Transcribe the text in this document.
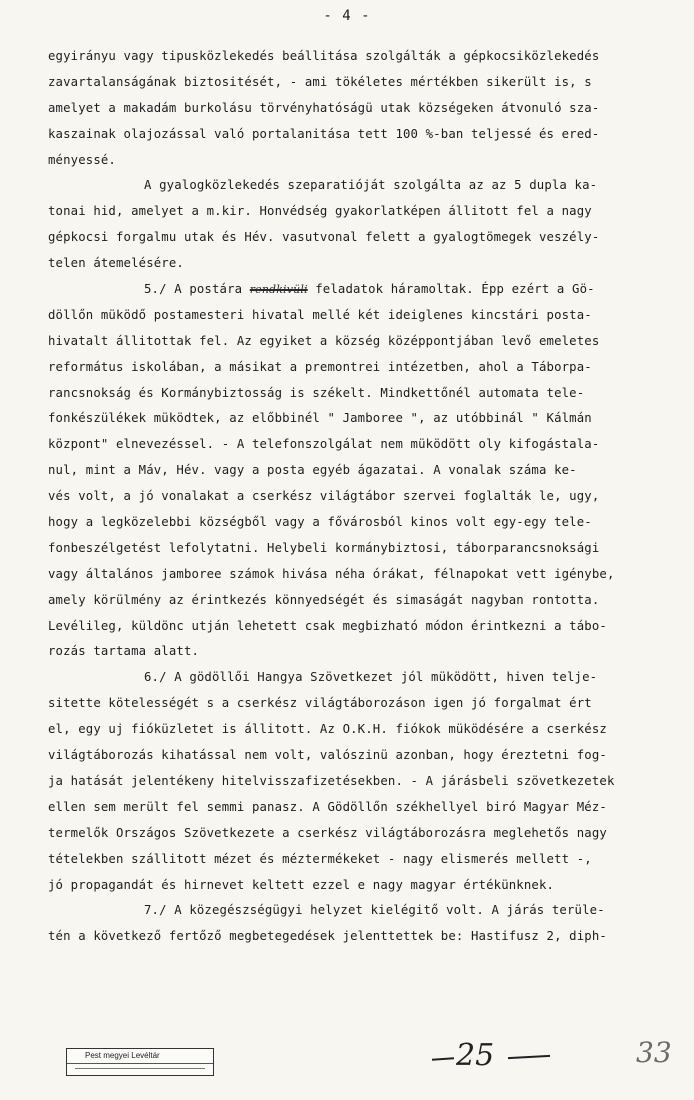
- 4 -
egyirányu vagy tipusközlekedés beállitása szolgálták a gépkocsiközlekedés
zavartalanságának biztositését, - ami tökéletes mértékben sikerült is, s
amelyet a makadám burkolásu törvényhatóságü utak községeken átvonuló sza-
kaszainak olajozással való portalanitása tett 100 %-ban teljessé és ered-
ményessé.
A gyalogközlekedés szeparatióját szolgálta az az 5 dupla ka-
tonai hid, amelyet a m.kir. Honvédség gyakorlatképen állitott fel a nagy
gépkocsi forgalmu utak és Hév. vasutvonal felett a gyalogtömegek veszély-
telen átemelésére.
5./ A postára rendkivüli feladatok háramoltak. Épp ezért a Gö-
döllőn müködő postamesteri hivatal mellé két ideiglenes kincstári posta-
hivatalt állitottak fel. Az egyiket a község középpontjában levő emeletes
református iskolában, a másikat a premontrei intézetben, ahol a Táborpa-
rancsnokság és Kormánybiztosság is székelt. Mindkettőnél automata tele-
fonkészülékek müködtek, az előbbinél " Jamboree ", az utóbbinál " Kálmán
központ" elnevezéssel. - A telefonszolgálat nem müködött oly kifogástala-
nul, mint a Máv, Hév. vagy a posta egyéb ágazatai. A vonalak száma ke-
vés volt, a jó vonalakat a cserkész világtábor szervei foglalták le, ugy,
hogy a legközelebbi községből vagy a fővárosból kinos volt egy-egy tele-
fonbeszélgetést lefolytatni. Helybeli kormánybiztosi, táborparancsnoksági
vagy általános jamboree számok hivása néha órákat, félnapokat vett igénybe,
amely körülmény az érintkezés könnyedségét és simaságát nagyban rontotta.
Levélileg, küldönc utján lehetett csak megbizható módon érintkezni a tábo-
rozás tartama alatt.
6./ A gödöllői Hangya Szövetkezet jól müködött, hiven telje-
sitette kötelességét s a cserkész világtáborozáson igen jó forgalmat ért
el, egy uj fiόküzletet is állitott. Az O.K.H. fiókok müködésére a cserkész
világtáborozás kihatással nem volt, valószinü azonban, hogy éreztetni fog-
ja hatását jelentékeny hitelvisszafizetésekben. - A járásbeli szövetkezetek
ellen sem merült fel semmi panasz. A Gödöllőn székhellyel biró Magyar Méz-
termelők Országos Szövetkezete a cserkész világtáborozásra meglehetős nagy
tételekben szállitott mézet és méztermékeket - nagy elismerés mellett -,
jó propagandát és hirnevet keltett ezzel e nagy magyar értékünknek.
7./ A közegészségügyi helyzet kielégitő volt. A járás terüle-
tén a következő fertőző megbetegedések jelenttettek be: Hastifusz 2, diph-
Pest megyei Levéltár	25	33
